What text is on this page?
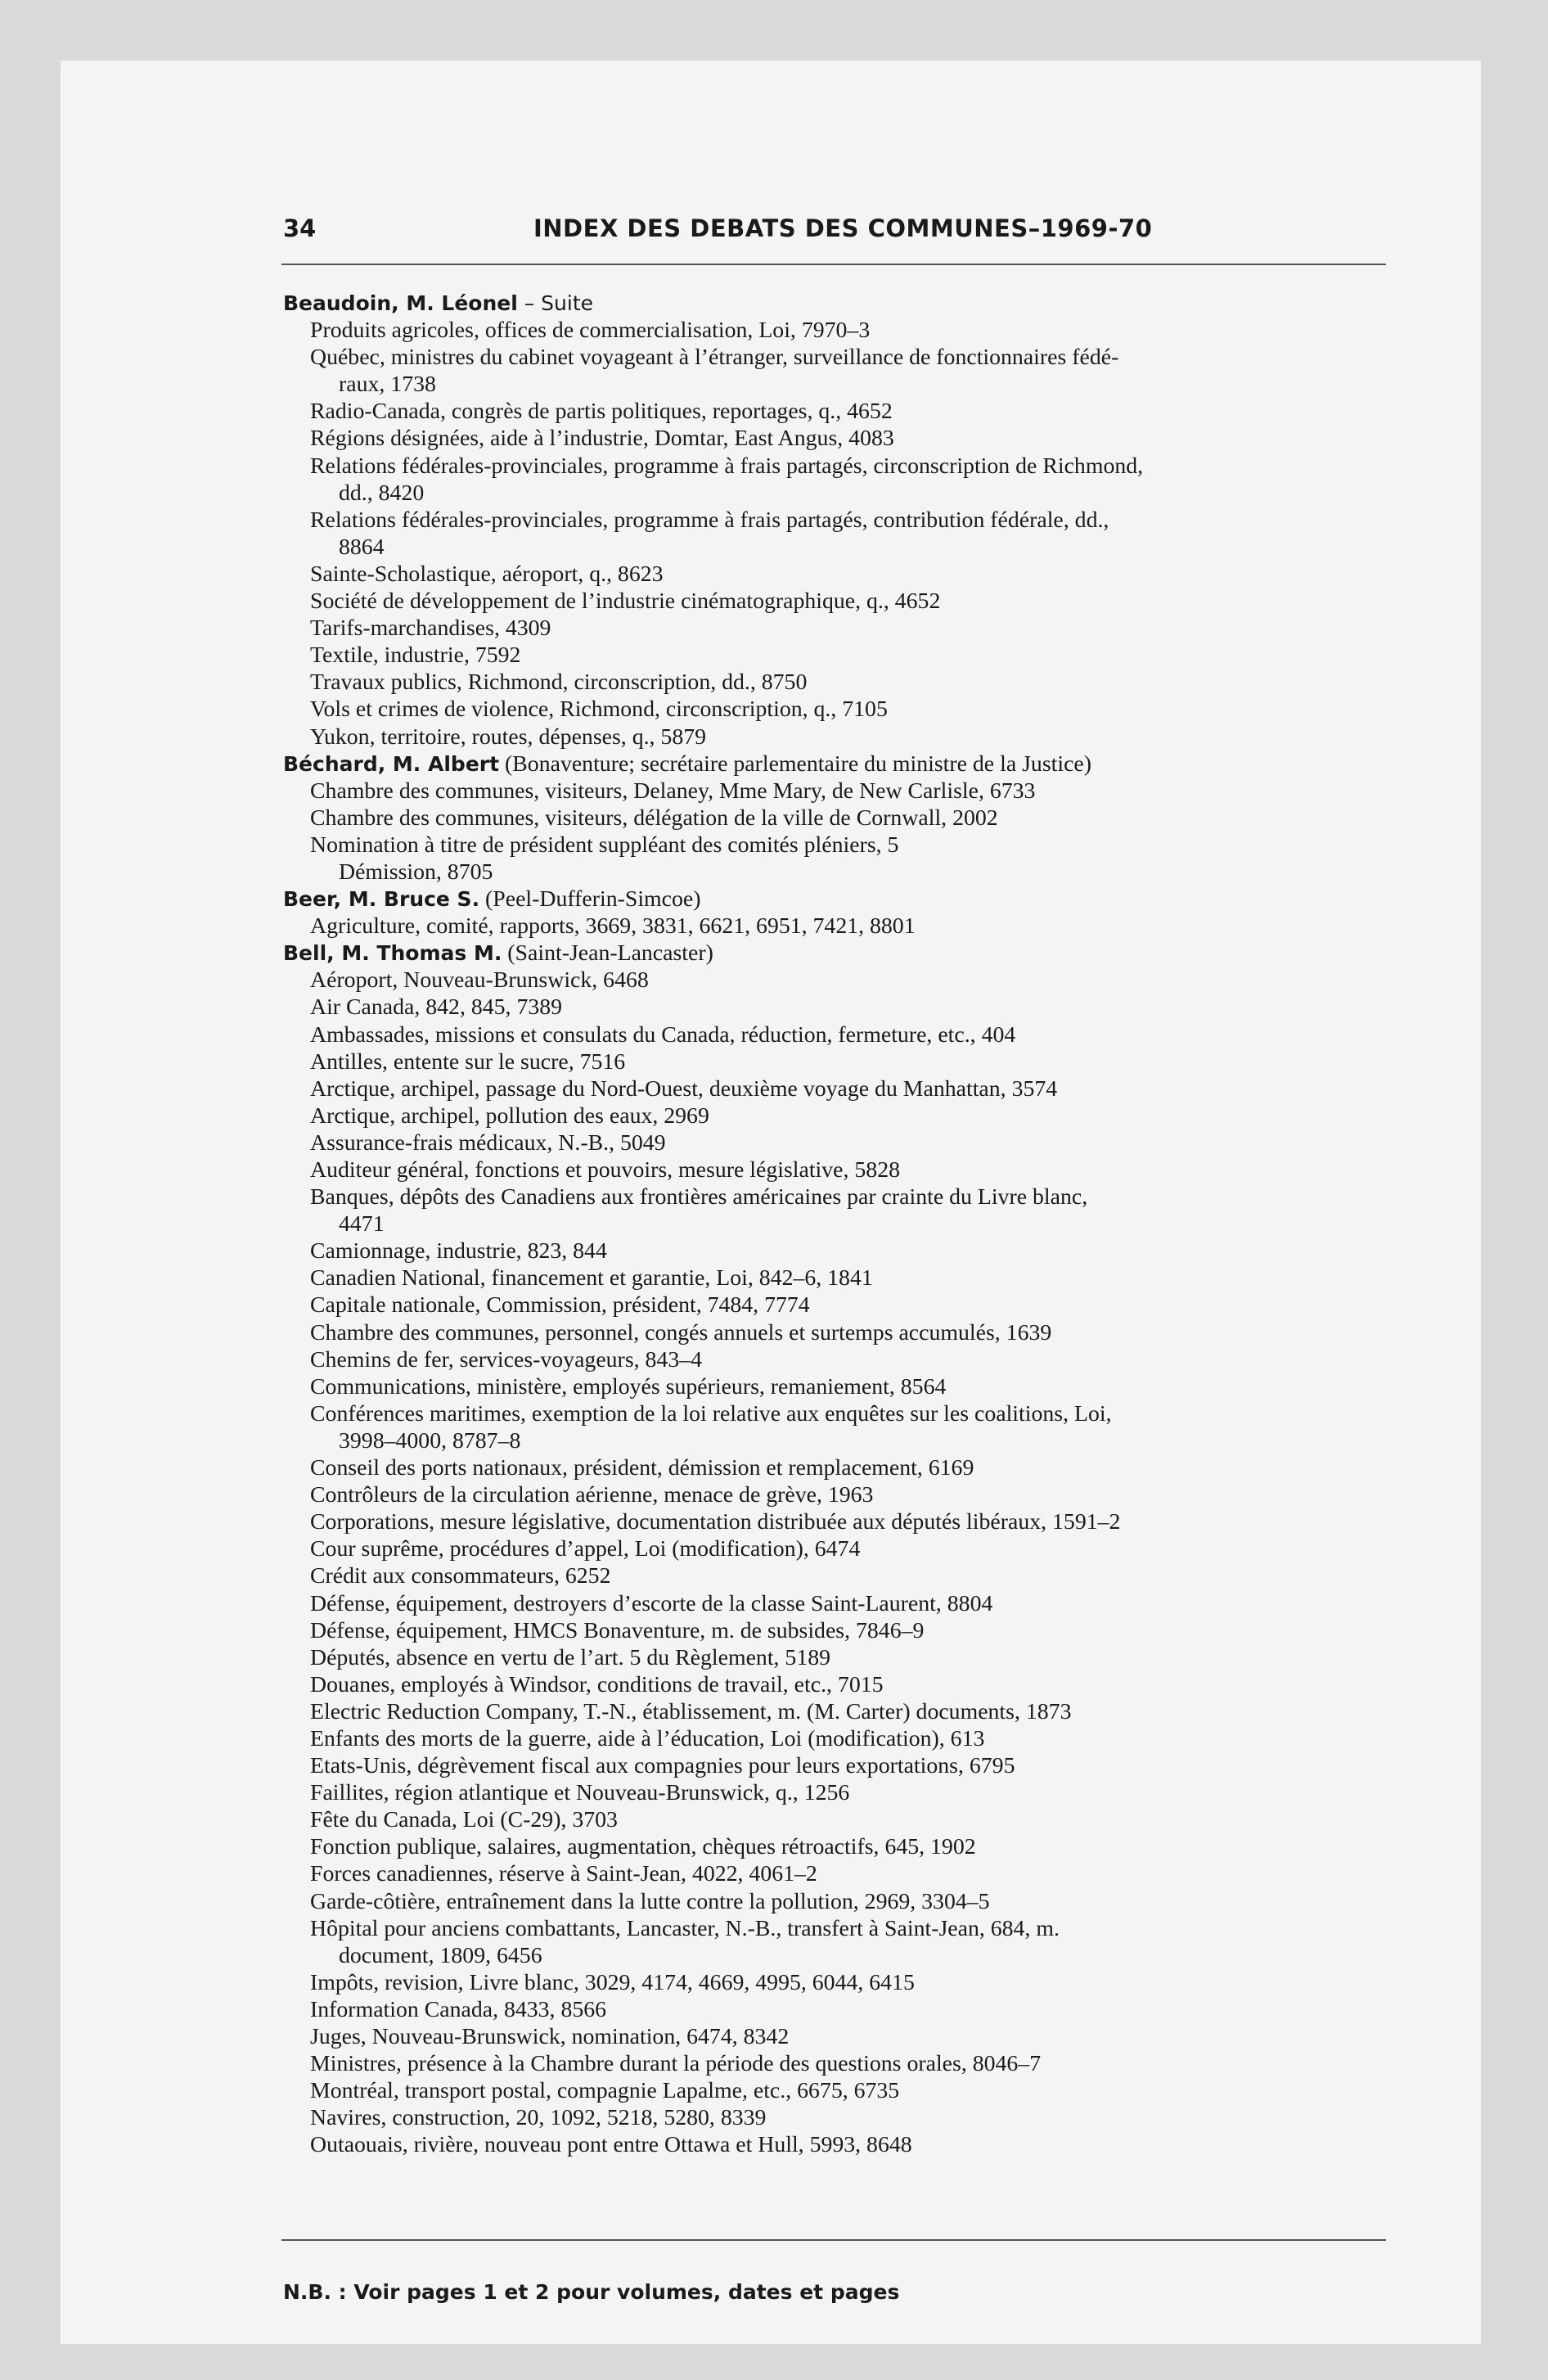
34	INDEX DES DEBATS DES COMMUNES–1969-70
Beaudoin, M. Léonel – Suite
Produits agricoles, offices de commercialisation, Loi, 7970–3
Québec, ministres du cabinet voyageant à l’étranger, surveillance de fonctionnaires fédé-
raux, 1738
Radio-Canada, congrès de partis politiques, reportages, q., 4652
Régions désignées, aide à l’industrie, Domtar, East Angus, 4083
Relations fédérales-provinciales, programme à frais partagés, circonscription de Richmond,
dd., 8420
Relations fédérales-provinciales, programme à frais partagés, contribution fédérale, dd.,
8864
Sainte-Scholastique, aéroport, q., 8623
Société de développement de l’industrie cinématographique, q., 4652
Tarifs-marchandises, 4309
Textile, industrie, 7592
Travaux publics, Richmond, circonscription, dd., 8750
Vols et crimes de violence, Richmond, circonscription, q., 7105
Yukon, territoire, routes, dépenses, q., 5879
Béchard, M. Albert (Bonaventure; secrétaire parlementaire du ministre de la Justice)
Chambre des communes, visiteurs, Delaney, Mme Mary, de New Carlisle, 6733
Chambre des communes, visiteurs, délégation de la ville de Cornwall, 2002
Nomination à titre de président suppléant des comités pléniers, 5
Démission, 8705
Beer, M. Bruce S. (Peel-Dufferin-Simcoe)
Agriculture, comité, rapports, 3669, 3831, 6621, 6951, 7421, 8801
Bell, M. Thomas M. (Saint-Jean-Lancaster)
Aéroport, Nouveau-Brunswick, 6468
Air Canada, 842, 845, 7389
Ambassades, missions et consulats du Canada, réduction, fermeture, etc., 404
Antilles, entente sur le sucre, 7516
Arctique, archipel, passage du Nord-Ouest, deuxième voyage du Manhattan, 3574
Arctique, archipel, pollution des eaux, 2969
Assurance-frais médicaux, N.-B., 5049
Auditeur général, fonctions et pouvoirs, mesure législative, 5828
Banques, dépôts des Canadiens aux frontières américaines par crainte du Livre blanc,
4471
Camionnage, industrie, 823, 844
Canadien National, financement et garantie, Loi, 842–6, 1841
Capitale nationale, Commission, président, 7484, 7774
Chambre des communes, personnel, congés annuels et surtemps accumulés, 1639
Chemins de fer, services-voyageurs, 843–4
Communications, ministère, employés supérieurs, remaniement, 8564
Conférences maritimes, exemption de la loi relative aux enquêtes sur les coalitions, Loi,
3998–4000, 8787–8
Conseil des ports nationaux, président, démission et remplacement, 6169
Contrôleurs de la circulation aérienne, menace de grève, 1963
Corporations, mesure législative, documentation distribuée aux députés libéraux, 1591–2
Cour suprême, procédures d’appel, Loi (modification), 6474
Crédit aux consommateurs, 6252
Défense, équipement, destroyers d’escorte de la classe Saint-Laurent, 8804
Défense, équipement, HMCS Bonaventure, m. de subsides, 7846–9
Députés, absence en vertu de l’art. 5 du Règlement, 5189
Douanes, employés à Windsor, conditions de travail, etc., 7015
Electric Reduction Company, T.-N., établissement, m. (M. Carter) documents, 1873
Enfants des morts de la guerre, aide à l’éducation, Loi (modification), 613
Etats-Unis, dégrèvement fiscal aux compagnies pour leurs exportations, 6795
Faillites, région atlantique et Nouveau-Brunswick, q., 1256
Fête du Canada, Loi (C-29), 3703
Fonction publique, salaires, augmentation, chèques rétroactifs, 645, 1902
Forces canadiennes, réserve à Saint-Jean, 4022, 4061–2
Garde-côtière, entraînement dans la lutte contre la pollution, 2969, 3304–5
Hôpital pour anciens combattants, Lancaster, N.-B., transfert à Saint-Jean, 684, m.
document, 1809, 6456
Impôts, revision, Livre blanc, 3029, 4174, 4669, 4995, 6044, 6415
Information Canada, 8433, 8566
Juges, Nouveau-Brunswick, nomination, 6474, 8342
Ministres, présence à la Chambre durant la période des questions orales, 8046–7
Montréal, transport postal, compagnie Lapalme, etc., 6675, 6735
Navires, construction, 20, 1092, 5218, 5280, 8339
Outaouais, rivière, nouveau pont entre Ottawa et Hull, 5993, 8648
N.B. : Voir pages 1 et 2 pour volumes, dates et pages
